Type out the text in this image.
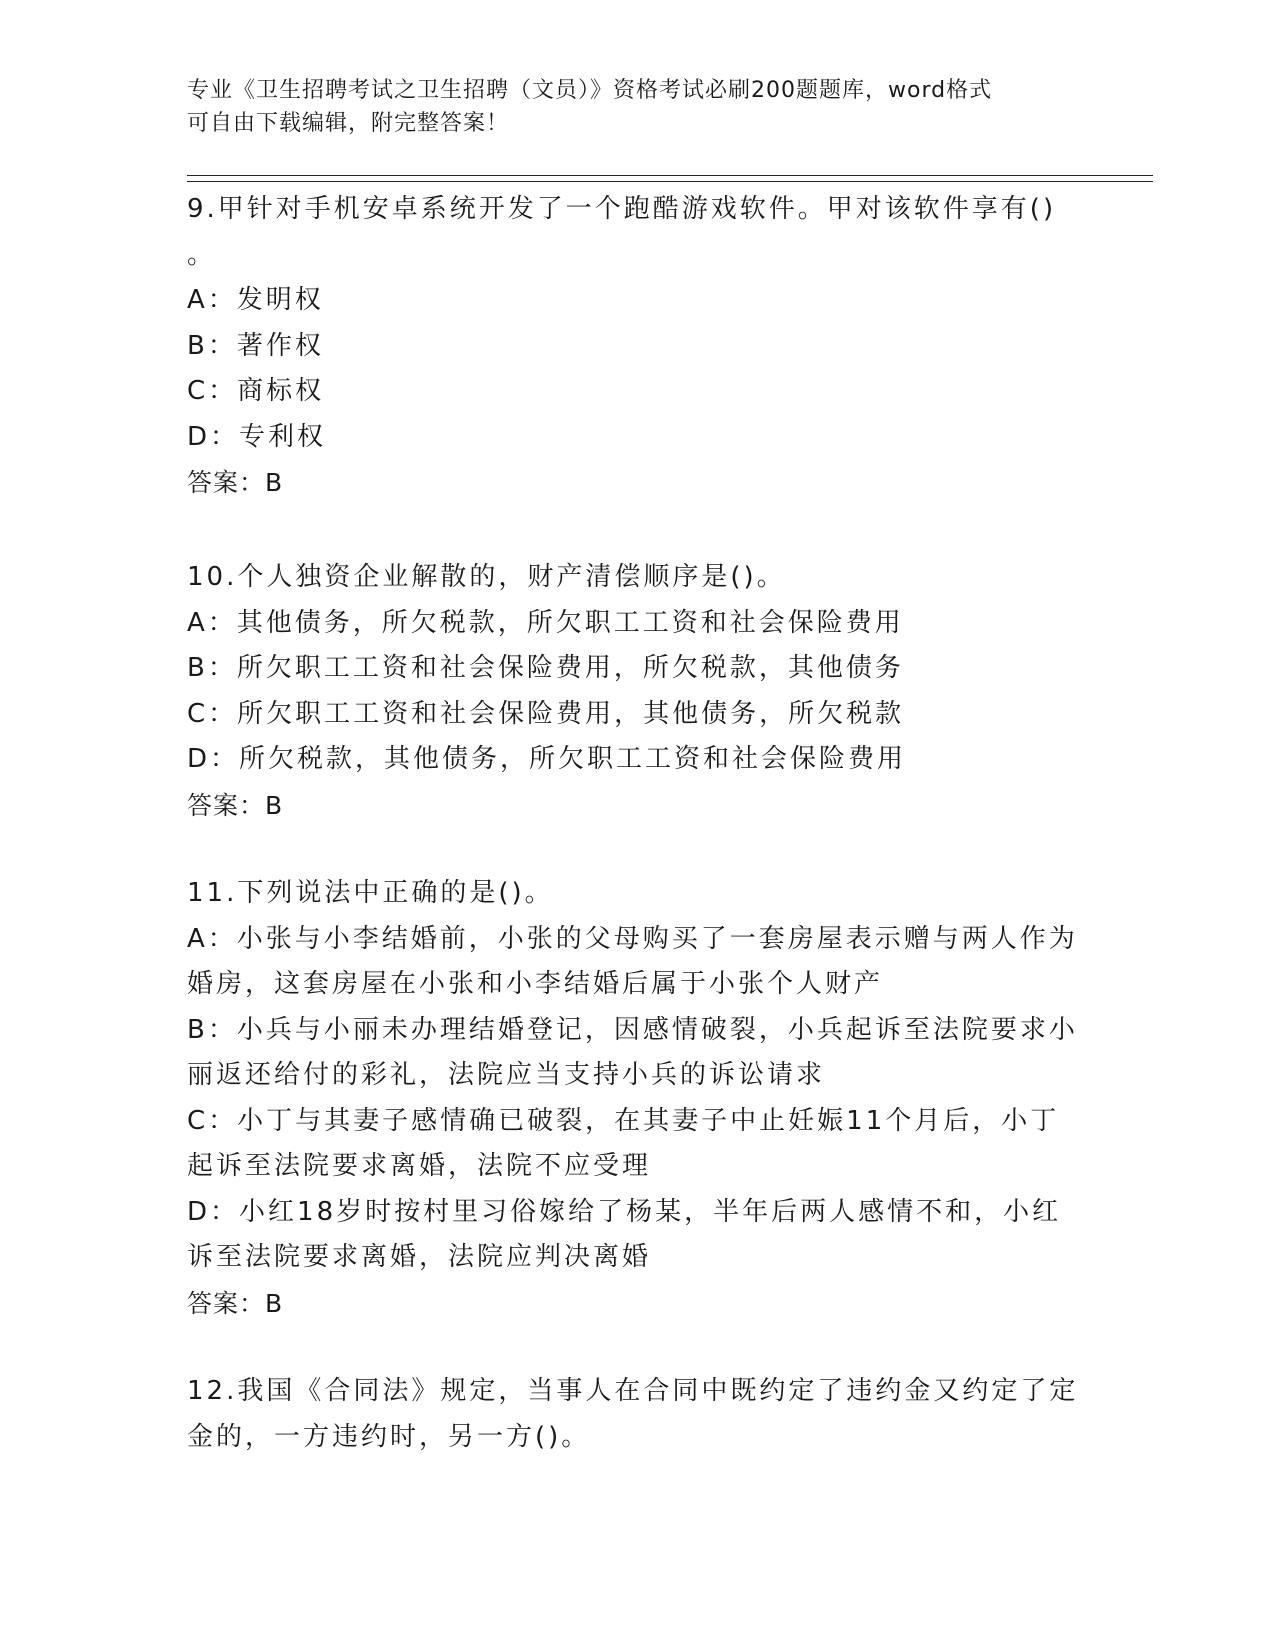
专业《卫生招聘考试之卫生招聘（文员）》资格考试必刷200题题库，word格式
可自由下载编辑，附完整答案！
9.甲针对手机安卓系统开发了一个跑酷游戏软件。甲对该软件享有()
。
A：发明权
B：著作权
C：商标权
D：专利权
答案：B
10.个人独资企业解散的，财产清偿顺序是()。
A：其他债务，所欠税款，所欠职工工资和社会保险费用
B：所欠职工工资和社会保险费用，所欠税款，其他债务
C：所欠职工工资和社会保险费用，其他债务，所欠税款
D：所欠税款，其他债务，所欠职工工资和社会保险费用
答案：B
11.下列说法中正确的是()。
A：小张与小李结婚前，小张的父母购买了一套房屋表示赠与两人作为
婚房，这套房屋在小张和小李结婚后属于小张个人财产
B：小兵与小丽未办理结婚登记，因感情破裂，小兵起诉至法院要求小
丽返还给付的彩礼，法院应当支持小兵的诉讼请求
C：小丁与其妻子感情确已破裂，在其妻子中止妊娠11个月后，小丁
起诉至法院要求离婚，法院不应受理
D：小红18岁时按村里习俗嫁给了杨某，半年后两人感情不和，小红
诉至法院要求离婚，法院应判决离婚
答案：B
12.我国《合同法》规定，当事人在合同中既约定了违约金又约定了定
金的，一方违约时，另一方()。
